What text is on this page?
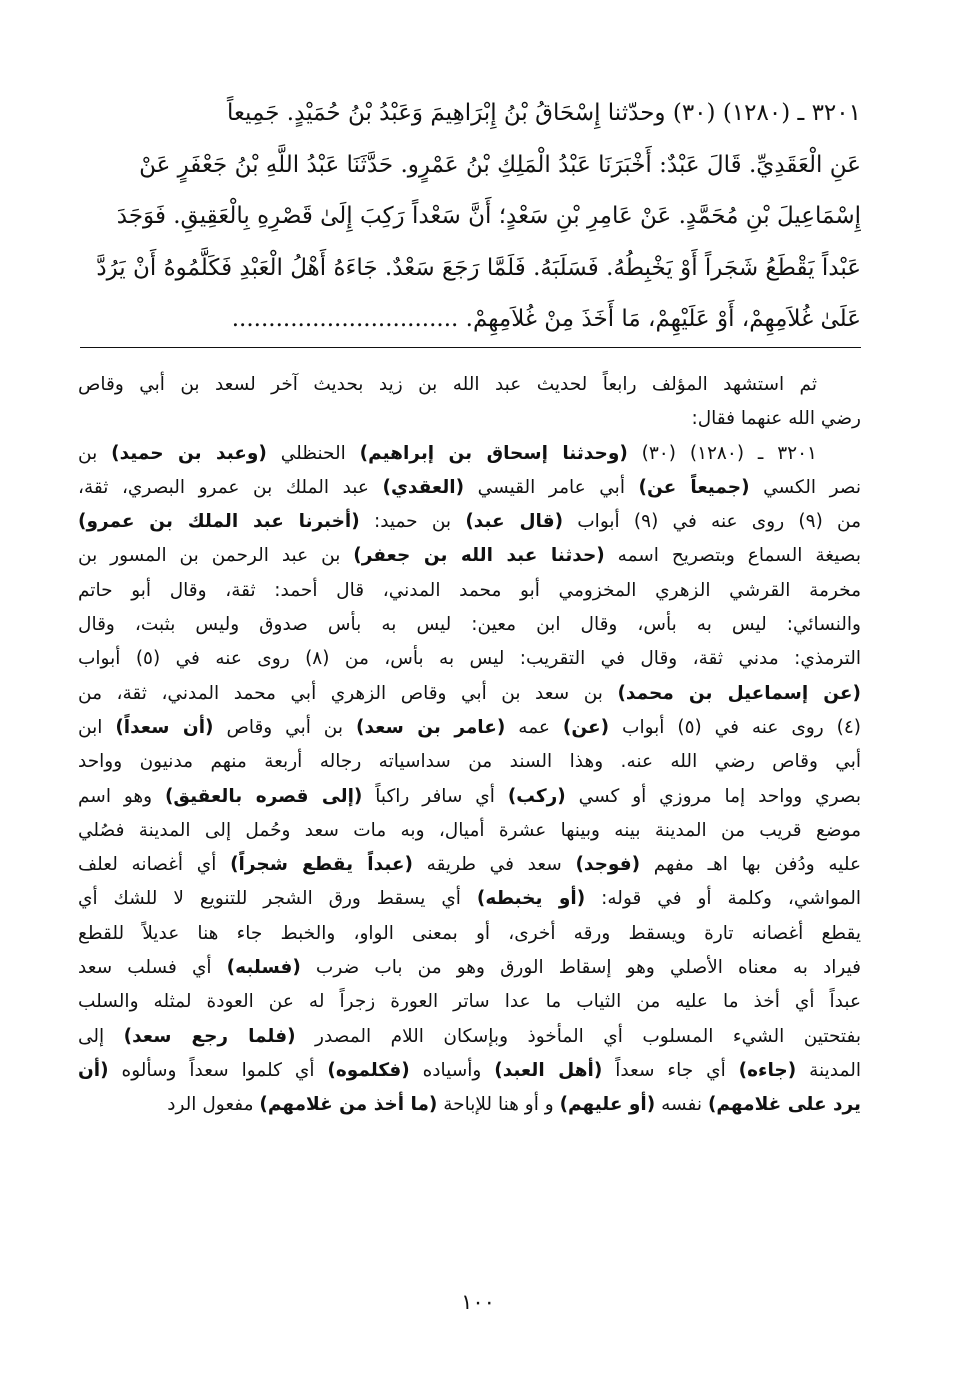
٣٢٠١ ـ (١٢٨٠) (٣٠) وحدّثنا إِسْحَاقُ بْنُ إِبْرَاهِيمَ وَعَبْدُ بْنُ حُمَيْدٍ. جَمِيعاً
عَنِ الْعَقَدِيِّ. قَالَ عَبْدٌ: أَخْبَرَنَا عَبْدُ الْمَلِكِ بْنُ عَمْرٍو. حَدَّثَنَا عَبْدُ اللَّهِ بْنُ جَعْفَرٍ عَنْ
إِسْمَاعِيلَ بْنِ مُحَمَّدٍ. عَنْ عَامِرِ بْنِ سَعْدٍ؛ أَنَّ سَعْداً رَكِبَ إِلَىٰ قَصْرِهِ بِالْعَقِيقِ. فَوَجَدَ
عَبْداً يَقْطَعُ شَجَراً أَوْ يَخْبِطُهُ. فَسَلَبَهُ. فَلَمَّا رَجَعَ سَعْدٌ. جَاءَهُ أَهْلُ الْعَبْدِ فَكَلَّمُوهُ أَنْ يَرُدَّ
عَلَىٰ غُلاَمِهِمْ، أَوْ عَلَيْهِمْ، مَا أَخَذَ مِنْ غُلاَمِهِمْ. ...............................

ثم استشهد المؤلف رابعاً لحديث عبد الله بن زيد بحديث آخر لسعد بن أبي وقاص
رضي الله عنهما فقال:

٣٢٠١ ـ (١٢٨٠) (٣٠) (وحدثنا إسحاق بن إبراهيم) الحنظلي (وعبد بن حميد) بن
نصر الكسي (جميعاً عن) أبي عامر القيسي (العقدي) عبد الملك بن عمرو البصري، ثقة،
من (٩) روى عنه في (٩) أبواب (قال عبد) بن حميد: (أخبرنا عبد الملك بن عمرو)
بصيغة السماع وبتصريح اسمه (حدثنا عبد الله بن جعفر) بن عبد الرحمن بن المسور بن
مخرمة القرشي الزهري المخزومي أبو محمد المدني، قال أحمد: ثقة، وقال أبو حاتم
والنسائي: ليس به بأس، وقال ابن معين: ليس به بأس صدوق وليس بثبت، وقال
الترمذي: مدني ثقة، وقال في التقريب: ليس به بأس، من (٨) روى عنه في (٥) أبواب
(عن إسماعيل بن محمد) بن سعد بن أبي وقاص الزهري أبي محمد المدني، ثقة، من
(٤) روى عنه في (٥) أبواب (عن) عمه (عامر بن سعد) بن أبي وقاص (أن سعداً) ابن
أبي وقاص رضي الله عنه. وهذا السند من سداسياته رجاله أربعة منهم مدنيون وواحد
بصري وواحد إما مروزي أو كسي (ركب) أي سافر راكباً (إلى قصره بالعقيق) وهو اسم
موضع قريب من المدينة بينه وبينها عشرة أميال، وبه مات سعد وحُمل إلى المدينة فصُلي
عليه ودُفن بها اهـ مفهم (فوجد) سعد في طريقه (عبداً يقطع شجراً) أي أغصانه لعلف
المواشي، وكلمة أو في قوله: (أو يخبطه) أي يسقط ورق الشجر للتنويع لا للشك أي
يقطع أغصانه تارة ويسقط ورقه أخرى، أو بمعنى الواو، والخبط جاء هنا عديلاً للقطع
فيراد به معناه الأصلي وهو إسقاط الورق وهو من باب ضرب (فسلبه) أي فسلب سعد
عبداً أي أخذ ما عليه من الثياب ما عدا ساتر العورة زجراً له عن العودة لمثله والسلب
بفتحتين الشيء المسلوب أي المأخوذ وبإسكان اللام المصدر (فلما رجع سعد) إلى
المدينة (جاءه) أي جاء سعداً (أهل العبد) وأسياده (فكلموه) أي كلموا سعداً وسألوه (أن
يرد على غلامهم) نفسه (أو عليهم) و أو هنا للإباحة (ما أخذ من غلامهم) مفعول الرد

١٠٠
